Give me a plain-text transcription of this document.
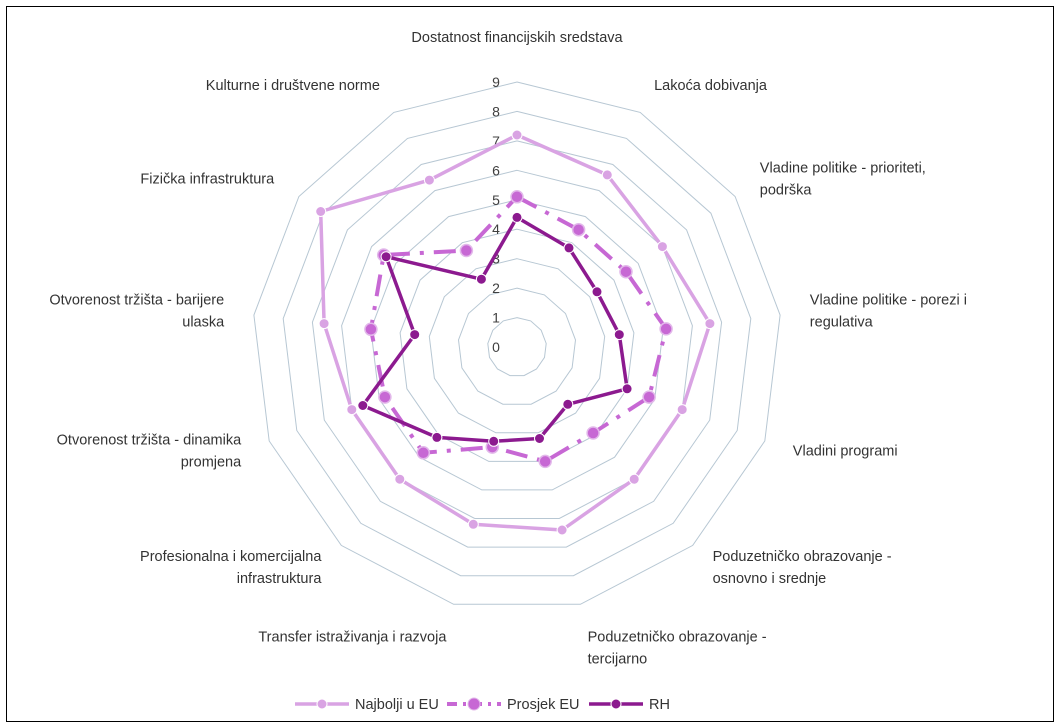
0
1
2
3
4
5
6
7
8
9
Dostatnost financijskih sredstava
Lakoća dobivanja
Vladine politike - prioriteti,
podrška
Vladine politike - porezi i
regulativa
Vladini programi
Poduzetničko obrazovanje -
osnovno i srednje
Poduzetničko obrazovanje -
tercijarno
Transfer istraživanja i razvoja
Profesionalna i komercijalna
infrastruktura
Otvorenost tržišta - dinamika
promjena
Otvorenost tržišta - barijere
ulaska
Fizička infrastruktura
Kulturne i društvene norme
Najbolji u EU	Prosjek EU	RH
